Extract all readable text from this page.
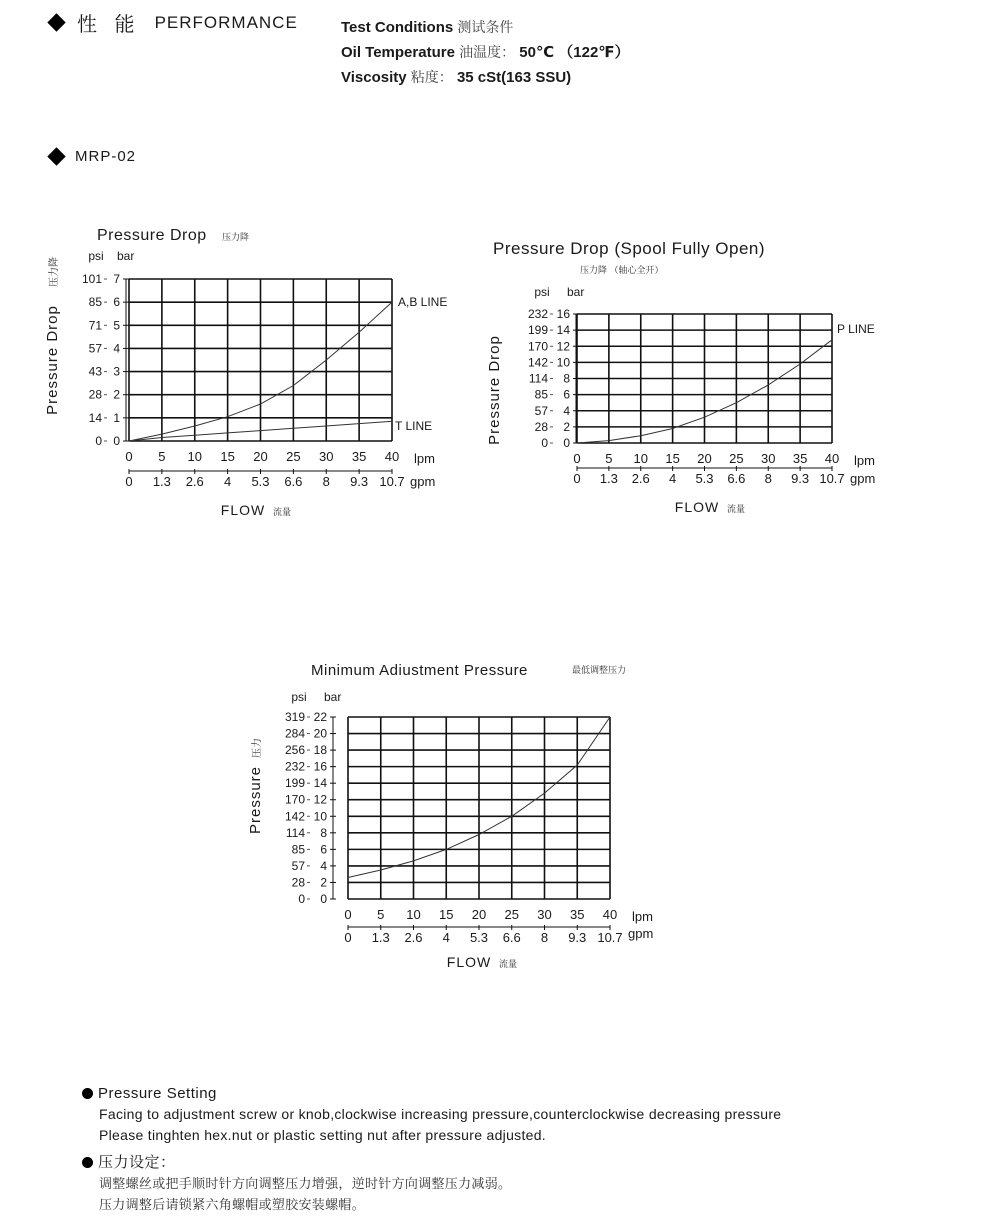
性 能 PERFORMANCE	Test Conditions 测试条件
Oil Temperature 油温度： 50℃ （122℉）
Viscosity 粘度： 35 cSt(163 SSU)
MRP-02
Pressure Drop 压力降
psi bar
0
0
1
14
2
28
3
43
4
57
5
71
6
85
7
101
0
0
5
1.3
10
2.6
15
4
20
5.3
25
6.6
30
8
35
9.3
40
10.7
lpm
gpm
Pressure Drop
压力降
FLOW 流量
A,B LINE
T LINE
Pressure Drop (Spool Fully Open)
压力降 （轴心全开）
psi bar
0
0
2
28
4
57
6
85
8
114
10
142
12
170
14
199
16
232
0
0
5
1.3
10
2.6
15
4
20
5.3
25
6.6
30
8
35
9.3
40
10.7
lpm
gpm
Pressure Drop
FLOW 流量
P LINE
Minimum Adiustment Pressure	最低调整压力
psi bar
0
0
2
28
4
57
6
85
8
114
10
142
12
170
14
199
16
232
18
256
20
284
22
319
0
0
5
1.3
10
2.6
15
4
20
5.3
25
6.6
30
8
35
9.3
40
10.7
lpm
gpm
Pressure
压力
FLOW 流量
Pressure Setting
Facing to adjustment screw or knob,clockwise increasing pressure,counterclockwise decreasing pressure
Please tinghten hex.nut or plastic setting nut after pressure adjusted.
压力设定：
调整螺丝或把手顺时针方向调整压力增强，逆时针方向调整压力减弱。
压力调整后请锁紧六角螺帽或塑胶安装螺帽。
